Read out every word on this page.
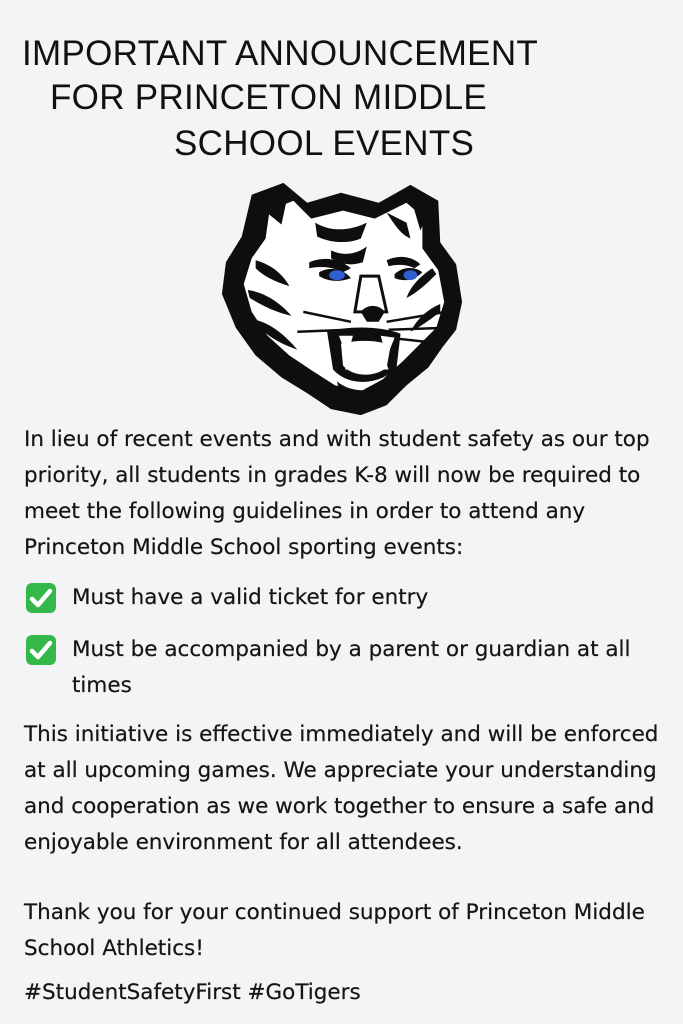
IMPORTANT ANNOUNCEMENT
FOR PRINCETON MIDDLE
SCHOOL EVENTS

In lieu of recent events and with student safety as our top priority, all students in grades K-8 will now be required to meet the following guidelines in order to attend any Princeton Middle School sporting events:

Must have a valid ticket for entry
Must be accompanied by a parent or guardian at all times

This initiative is effective immediately and will be enforced at all upcoming games. We appreciate your understanding and cooperation as we work together to ensure a safe and enjoyable environment for all attendees.

Thank you for your continued support of Princeton Middle School Athletics!

#StudentSafetyFirst #GoTigers
